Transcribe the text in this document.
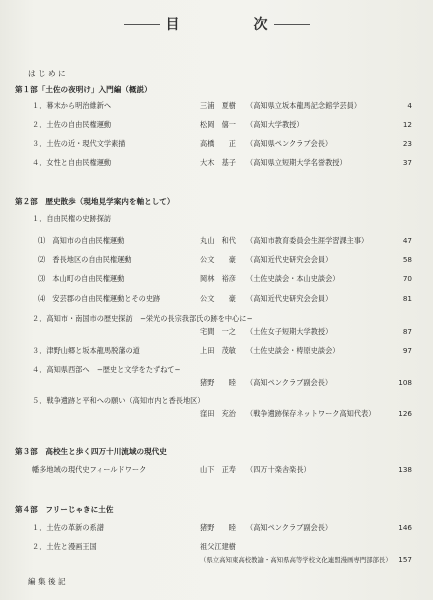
目　次
は じ め に
第１部「土佐の夜明け」入門編（概説）
１．幕末から明治維新へ	三浦　夏樹 （高知県立坂本龍馬記念館学芸員）	4
２．土佐の自由民権運動	松岡　僖一 （高知大学教授）	12
３．土佐の近・現代文学素描	高橋　　正 （高知県ペンクラブ会長）	23
４．女性と自由民権運動	大木　基子 （高知県立短期大学名誉教授）	37
第２部　歴史散歩（現地見学案内を軸として）
１．自由民権の史跡探訪
⑴　高知市の自由民権運動	丸山　和代 （高知市教育委員会生涯学習課主事）	47
⑵　香長地区の自由民権運動	公文　　豪 （高知近代史研究会会員）	58
⑶　本山町の自由民権運動	岡林　裕彦 （土佐史談会・本山史談会）	70
⑷　安芸郡の自由民権運動とその史跡	公文　　豪 （高知近代史研究会会員）	81
２．高知市・南国市の歴史探訪　−栄光の長宗我部氏の跡を中心に−
宅間　一之 （土佐女子短期大学教授）	87
３．津野山郷と坂本龍馬脱藩の道	上田　茂敏 （土佐史談会・梼原史談会）	97
４．高知県西部へ　−歴史と文学をたずねて−
猪野　　睦 （高知ペンクラブ副会長）	108
５．戦争遺跡と平和への願い（高知市内と香長地区）
窪田　充治 （戦争遺跡保存ネットワーク高知代表）	126
第３部　高校生と歩く四万十川流域の現代史
幡多地域の現代史フィールドワーク	山下　正寿 （四万十楽舎楽長）	138
第４部　フリーじゃきに土佐
１．土佐の革新の系譜	猪野　　睦 （高知ペンクラブ副会長）	146
２．土佐と漫画王国	祖父江建樹
（県立高知東高校教諭・高知県高等学校文化連盟漫画専門部部長） 157
編 集 後 記
